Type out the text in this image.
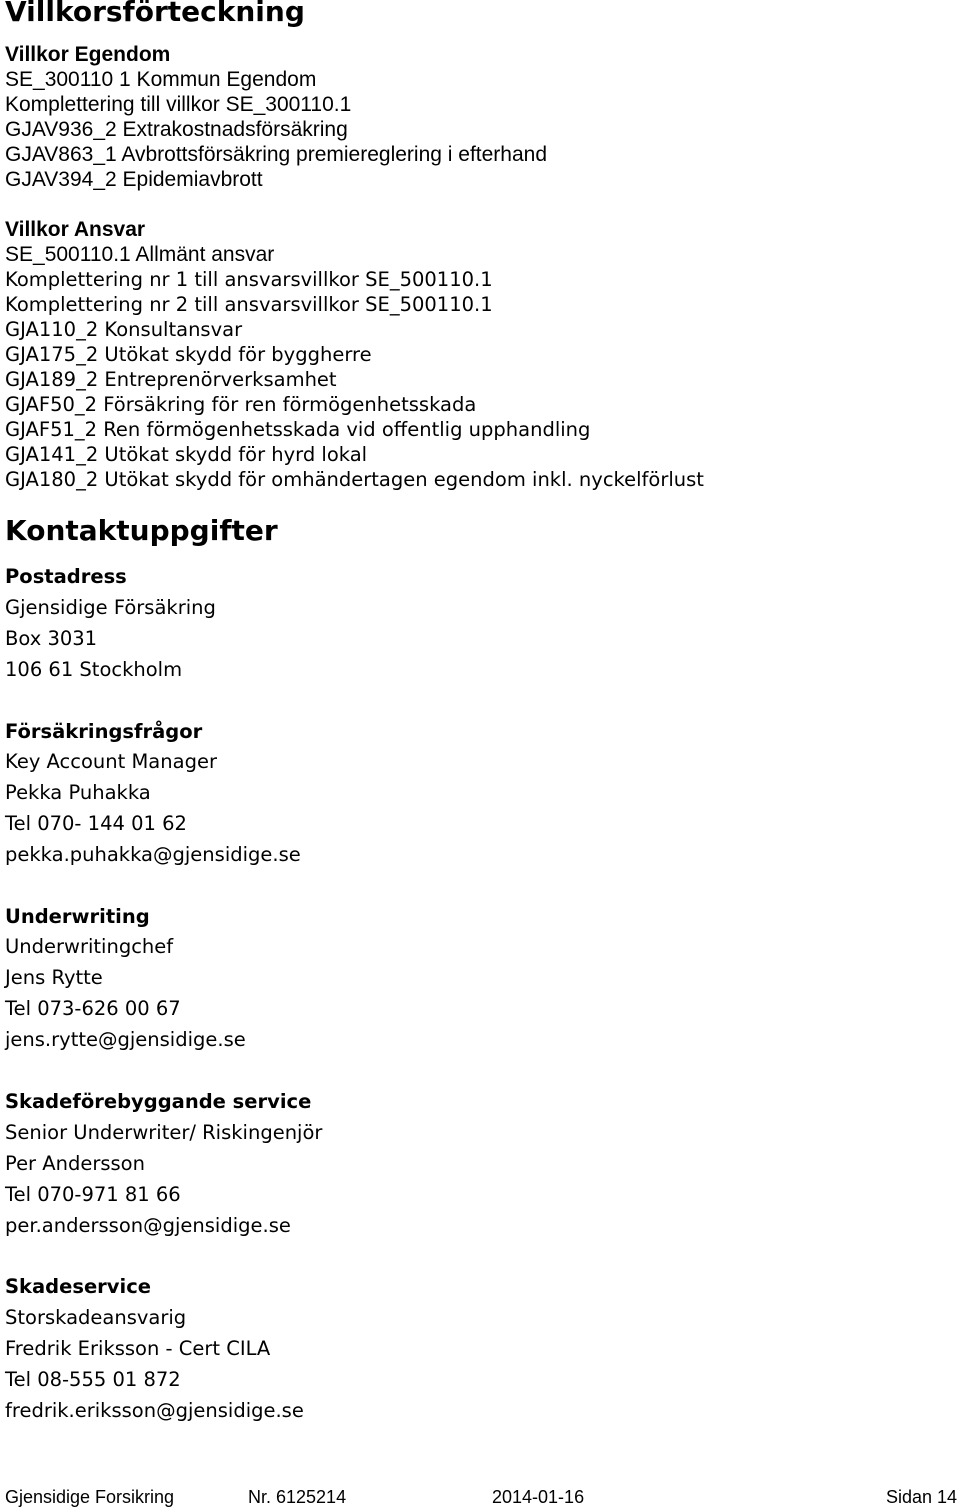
Villkorsförteckning
Villkor Egendom
SE_300110 1 Kommun Egendom
Komplettering till villkor SE_300110.1
GJAV936_2 Extrakostnadsförsäkring
GJAV863_1 Avbrottsförsäkring premiereglering i efterhand
GJAV394_2 Epidemiavbrott
Villkor Ansvar
SE_500110.1 Allmänt ansvar
Komplettering nr 1 till ansvarsvillkor SE_500110.1
Komplettering nr 2 till ansvarsvillkor SE_500110.1
GJA110_2 Konsultansvar
GJA175_2 Utökat skydd för byggherre
GJA189_2 Entreprenörverksamhet
GJAF50_2 Försäkring för ren förmögenhetsskada
GJAF51_2 Ren förmögenhetsskada vid offentlig upphandling
GJA141_2 Utökat skydd för hyrd lokal
GJA180_2 Utökat skydd för omhändertagen egendom inkl. nyckelförlust
Kontaktuppgifter
Postadress
Gjensidige Försäkring
Box 3031
106 61 Stockholm
Försäkringsfrågor
Key Account Manager
Pekka Puhakka
Tel 070- 144 01 62
pekka.puhakka@gjensidige.se
Underwriting
Underwritingchef
Jens Rytte
Tel 073-626 00 67
jens.rytte@gjensidige.se
Skadeförebyggande service
Senior Underwriter/ Riskingenjör
Per Andersson
Tel 070-971 81 66
per.andersson@gjensidige.se
Skadeservice
Storskadeansvarig
Fredrik Eriksson - Cert CILA
Tel 08-555 01 872
fredrik.eriksson@gjensidige.se
Gjensidige Forsikring	Nr. 6125214	2014-01-16	Sidan 14
